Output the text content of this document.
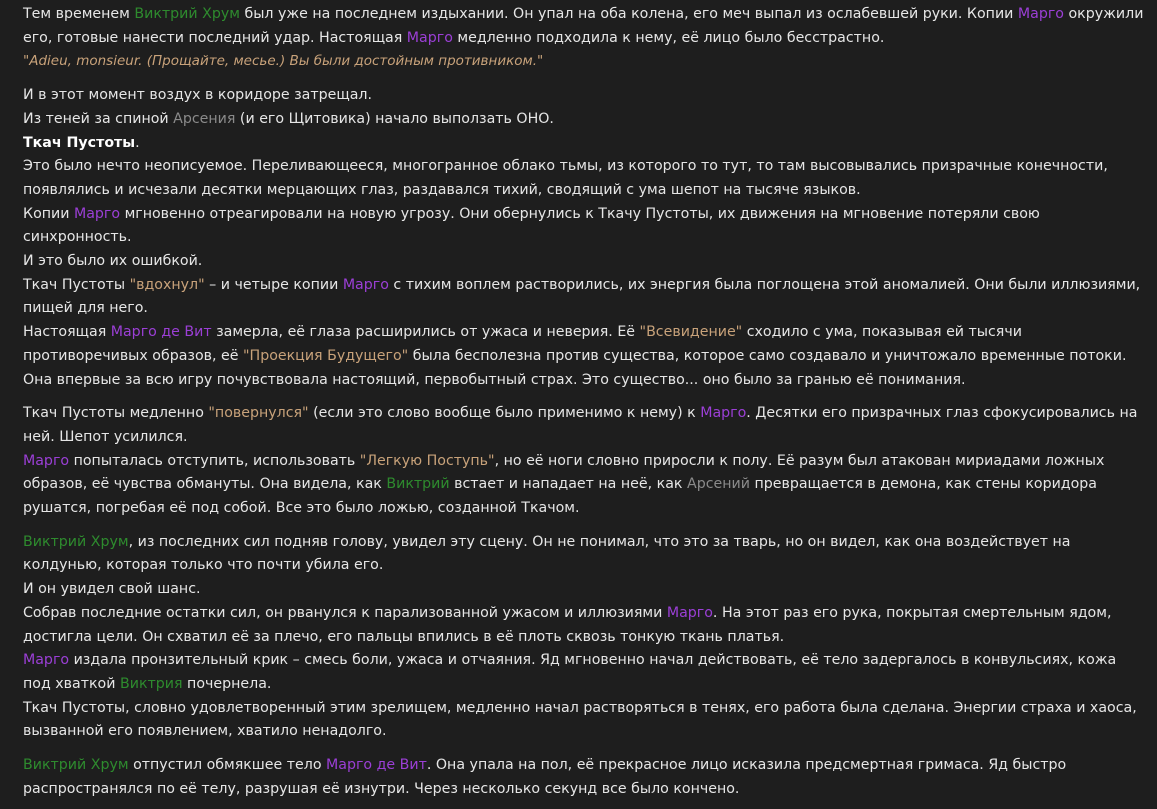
Тем временем Виктрий Хрум был уже на последнем издыхании. Он упал на оба колена, его меч выпал из ослабевшей руки. Копии Марго окружили его, готовые нанести последний удар. Настоящая Марго медленно подходила к нему, её лицо было бесстрастно.

"Adieu, monsieur. (Прощайте, месье.) Вы были достойным противником."

И в этот момент воздух в коридоре затрещал.

Из теней за спиной Арсения (и его Щитовика) начало выползать ОНО.

Ткач Пустоты.

Это было нечто неописуемое. Переливающееся, многогранное облако тьмы, из которого то тут, то там высовывались призрачные конечности, появлялись и исчезали десятки мерцающих глаз, раздавался тихий, сводящий с ума шепот на тысяче языков.

Копии Марго мгновенно отреагировали на новую угрозу. Они обернулись к Ткачу Пустоты, их движения на мгновение потеряли свою синхронность.

И это было их ошибкой.

Ткач Пустоты "вдохнул" – и четыре копии Марго с тихим воплем растворились, их энергия была поглощена этой аномалией. Они были иллюзиями, пищей для него.

Настоящая Марго де Вит замерла, её глаза расширились от ужаса и неверия. Её "Всевидение" сходило с ума, показывая ей тысячи противоречивых образов, её "Проекция Будущего" была бесполезна против существа, которое само создавало и уничтожало временные потоки. Она впервые за всю игру почувствовала настоящий, первобытный страх. Это существо... оно было за гранью её понимания.

Ткач Пустоты медленно "повернулся" (если это слово вообще было применимо к нему) к Марго. Десятки его призрачных глаз сфокусировались на ней. Шепот усилился.

Марго попыталась отступить, использовать "Легкую Поступь", но её ноги словно приросли к полу. Её разум был атакован мириадами ложных образов, её чувства обмануты. Она видела, как Виктрий встает и нападает на неё, как Арсений превращается в демона, как стены коридора рушатся, погребая её под собой. Все это было ложью, созданной Ткачом.

Виктрий Хрум, из последних сил подняв голову, увидел эту сцену. Он не понимал, что это за тварь, но он видел, как она воздействует на колдунью, которая только что почти убила его.

И он увидел свой шанс.

Собрав последние остатки сил, он рванулся к парализованной ужасом и иллюзиями Марго. На этот раз его рука, покрытая смертельным ядом, достигла цели. Он схватил её за плечо, его пальцы впились в её плоть сквозь тонкую ткань платья.

Марго издала пронзительный крик – смесь боли, ужаса и отчаяния. Яд мгновенно начал действовать, её тело задергалось в конвульсиях, кожа под хваткой Виктрия почернела.

Ткач Пустоты, словно удовлетворенный этим зрелищем, медленно начал растворяться в тенях, его работа была сделана. Энергии страха и хаоса, вызванной его появлением, хватило ненадолго.

Виктрий Хрум отпустил обмякшее тело Марго де Вит. Она упала на пол, её прекрасное лицо исказила предсмертная гримаса. Яд быстро распространялся по её телу, разрушая её изнутри. Через несколько секунд все было кончено.
